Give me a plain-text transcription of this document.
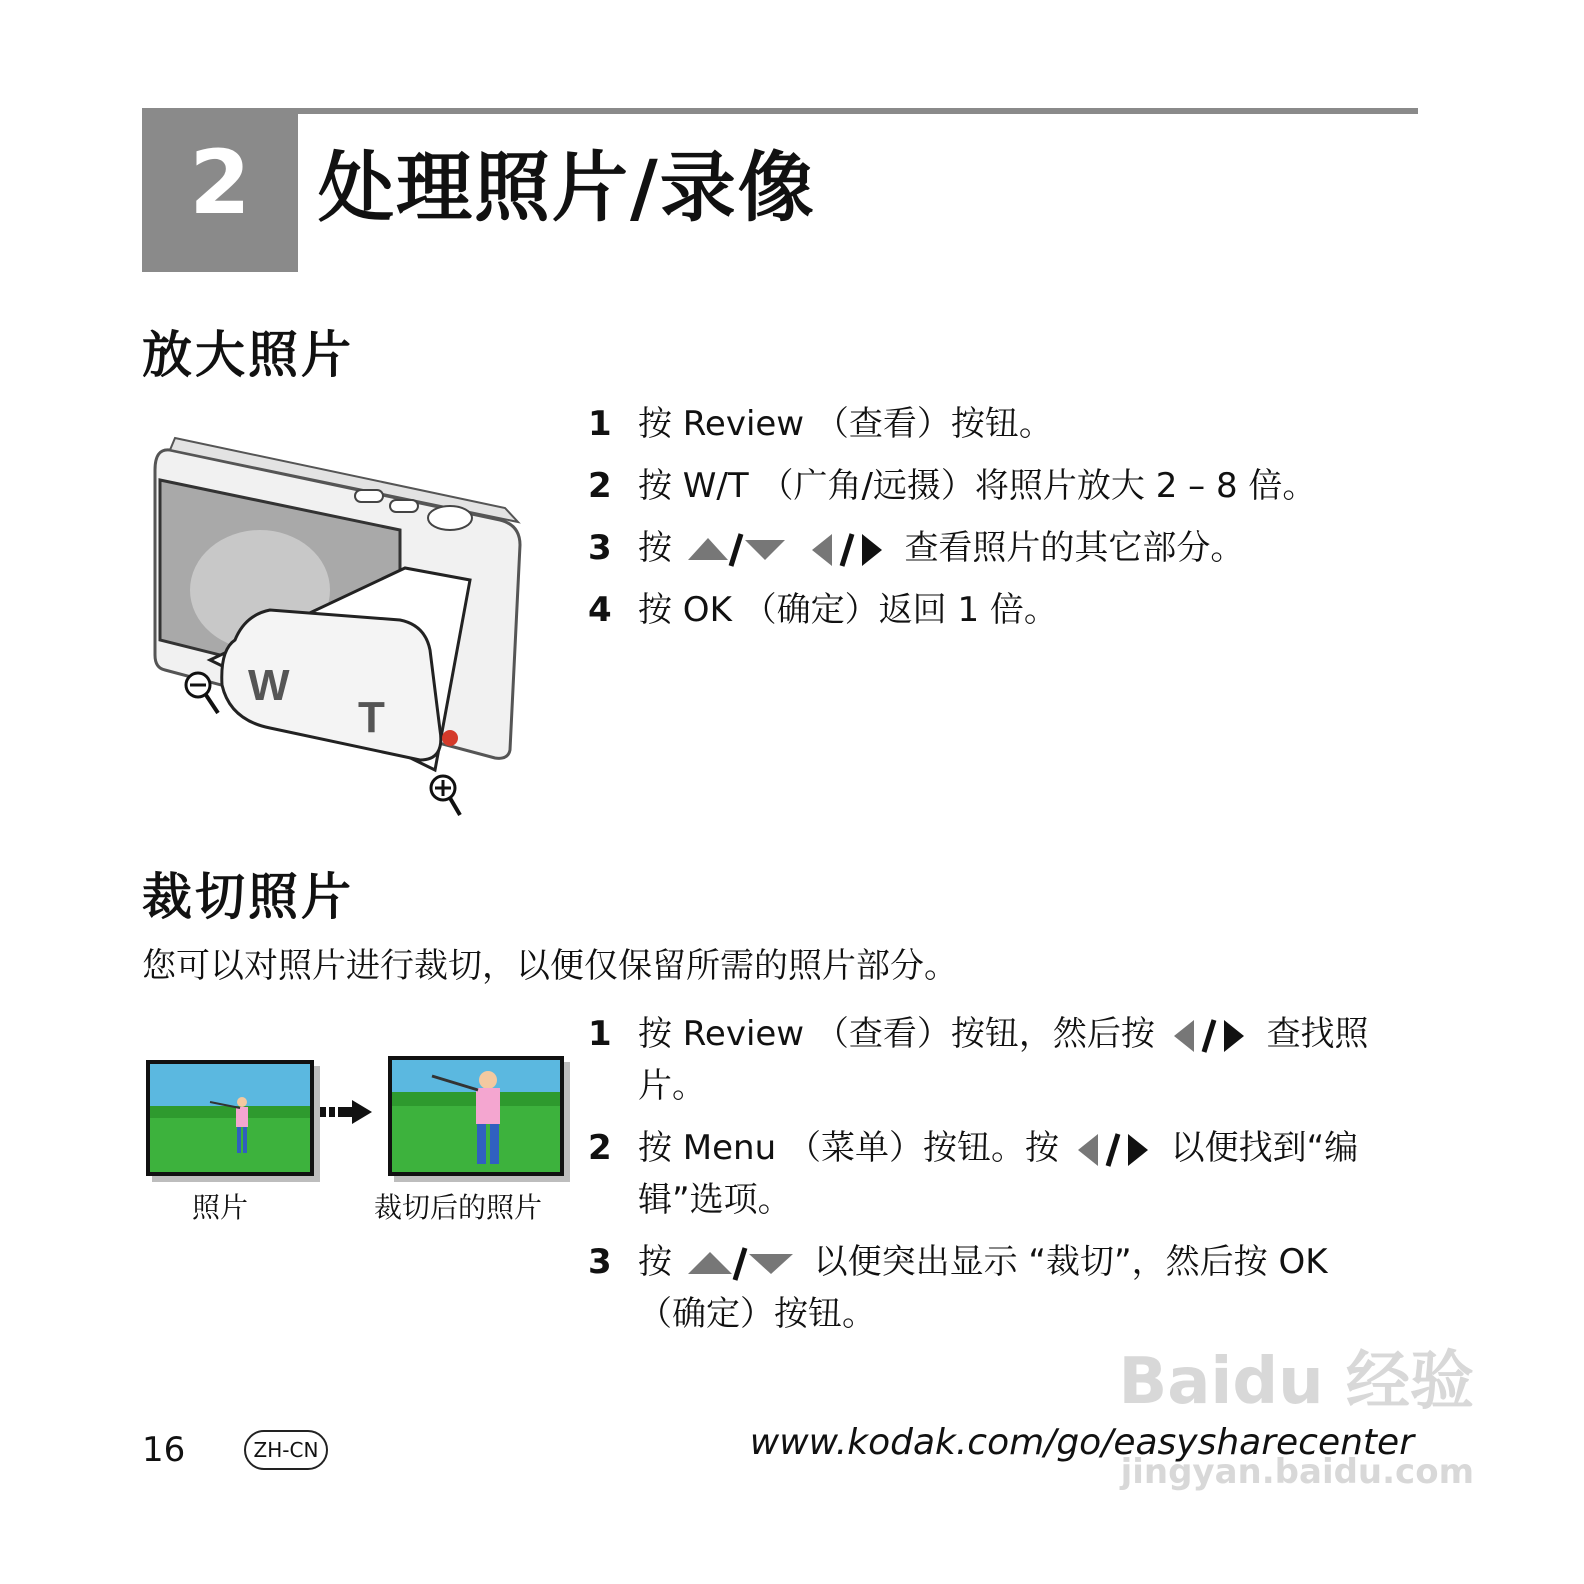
2 处理照片/录像
放大照片
W
T
1 按 Review （查看）按钮。
2 按 W/T （广角/远摄）将照片放大 2 – 8 倍。
3 按	查看照片的其它部分。
4 按 OK （确定）返回 1 倍。
裁切照片
您可以对照片进行裁切，以便仅保留所需的照片部分。
照片	裁切后的照片
1 按 Review （查看）按钮，然后按	查找照片。
2 按 Menu （菜单）按钮。按	以便找到“编辑”选项。
3 按	以便突出显示 “裁切”，然后按 OK （确定）按钮。
Baidu 经验
jingyan.baidu.com
16	ZH-CN	www.kodak.com/go/easysharecenter
